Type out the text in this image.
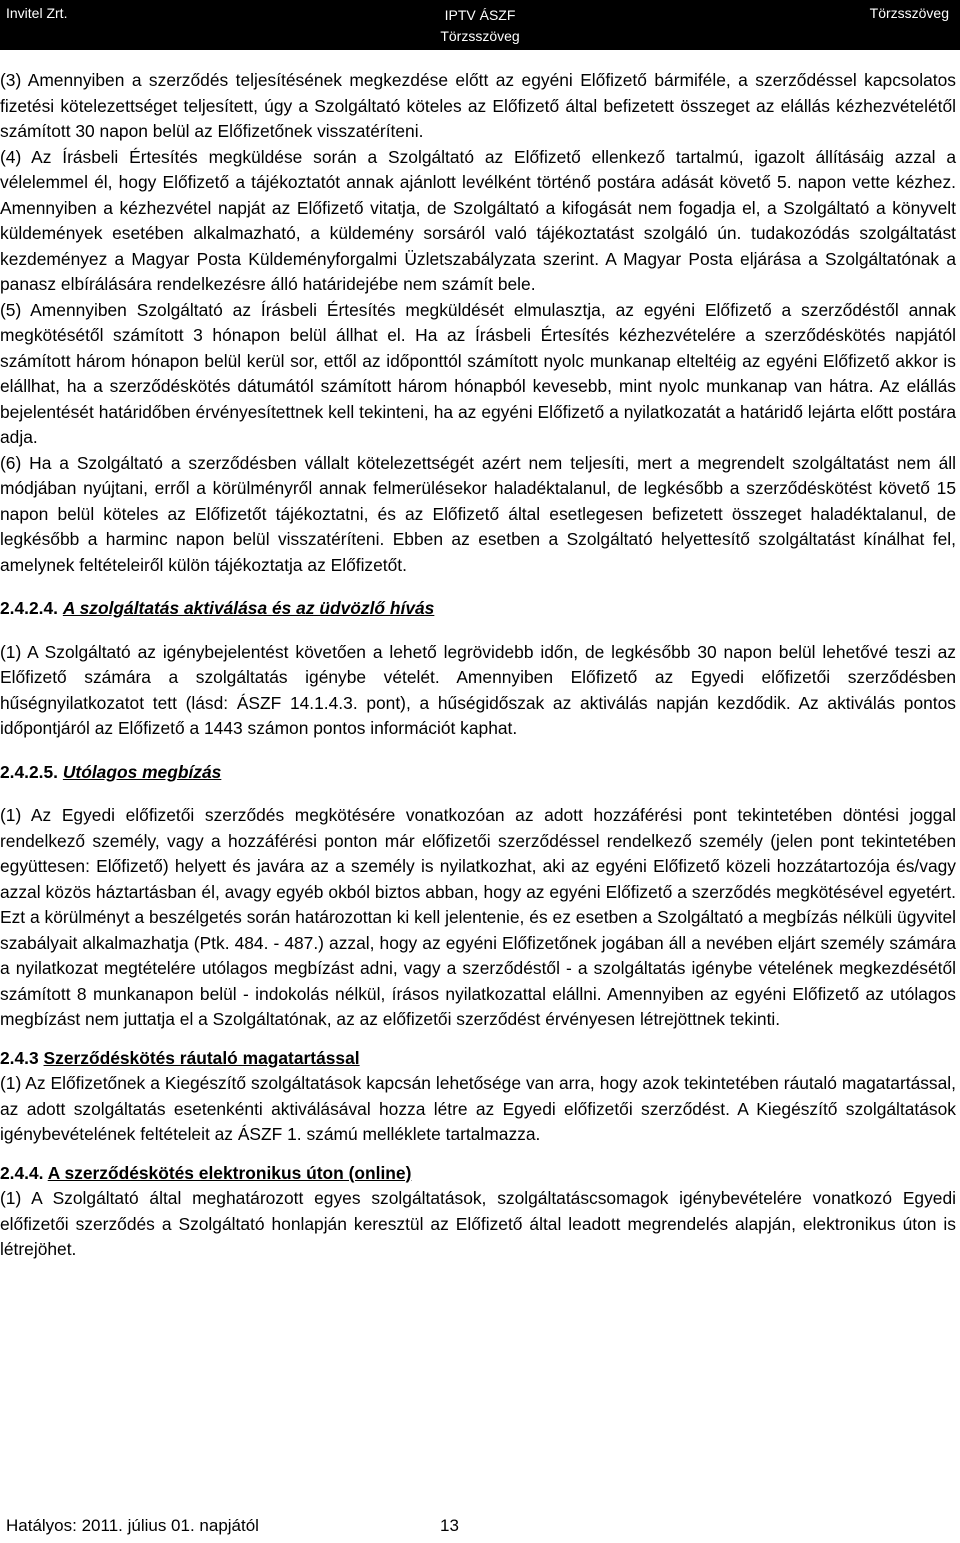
Invitel Zrt.	IPTV ÁSZF
Törzsszöveg
Törzsszöveg

(3) Amennyiben a szerződés teljesítésének megkezdése előtt az egyéni Előfizető bármiféle, a szerződéssel kapcsolatos fizetési kötelezettséget teljesített, úgy a Szolgáltató köteles az Előfizető által befizetett összeget az elállás kézhezvételétől számított 30 napon belül az Előfizetőnek visszatéríteni.

(4) Az Írásbeli Értesítés megküldése során a Szolgáltató az Előfizető ellenkező tartalmú, igazolt állításáig azzal a vélelemmel él, hogy Előfizető a tájékoztatót annak ajánlott levélként történő postára adását követő 5. napon vette kézhez. Amennyiben a kézhezvétel napját az Előfizető vitatja, de Szolgáltató a kifogását nem fogadja el, a Szolgáltató a könyvelt küldemények esetében alkalmazható, a küldemény sorsáról való tájékoztatást szolgáló ún. tudakozódás szolgáltatást kezdeményez a Magyar Posta Küldeményforgalmi Üzletszabályzata szerint. A Magyar Posta eljárása a Szolgáltatónak a panasz elbírálására rendelkezésre álló határidejébe nem számít bele.

(5) Amennyiben Szolgáltató az Írásbeli Értesítés megküldését elmulasztja, az egyéni Előfizető a szerződéstől annak megkötésétől számított 3 hónapon belül állhat el. Ha az Írásbeli Értesítés kézhezvételére a szerződéskötés napjától számított három hónapon belül kerül sor, ettől az időponttól számított nyolc munkanap elteltéig az egyéni Előfizető akkor is elállhat, ha a szerződéskötés dátumától számított három hónapból kevesebb, mint nyolc munkanap van hátra. Az elállás bejelentését határidőben érvényesítettnek kell tekinteni, ha az egyéni Előfizető a nyilatkozatát a határidő lejárta előtt postára adja.

(6) Ha a Szolgáltató a szerződésben vállalt kötelezettségét azért nem teljesíti, mert a megrendelt szolgáltatást nem áll módjában nyújtani, erről a körülményről annak felmerülésekor haladéktalanul, de legkésőbb a szerződéskötést követő 15 napon belül köteles az Előfizetőt tájékoztatni, és az Előfizető által esetlegesen befizetett összeget haladéktalanul, de legkésőbb a harminc napon belül visszatéríteni. Ebben az esetben a Szolgáltató helyettesítő szolgáltatást kínálhat fel, amelynek feltételeiről külön tájékoztatja az Előfizetőt.

2.4.2.4. A szolgáltatás aktiválása és az üdvözlő hívás

(1) A Szolgáltató az igénybejelentést követően a lehető legrövidebb időn, de legkésőbb 30 napon belül lehetővé teszi az Előfizető számára a szolgáltatás igénybe vételét. Amennyiben Előfizető az Egyedi előfizetői szerződésben hűségnyilatkozatot tett (lásd: ÁSZF 14.1.4.3. pont), a hűségidőszak az aktiválás napján kezdődik. Az aktiválás pontos időpontjáról az Előfizető a 1443 számon pontos információt kaphat.

2.4.2.5. Utólagos megbízás

(1) Az Egyedi előfizetői szerződés megkötésére vonatkozóan az adott hozzáférési pont tekintetében döntési joggal rendelkező személy, vagy a hozzáférési ponton már előfizetői szerződéssel rendelkező személy (jelen pont tekintetében együttesen: Előfizető) helyett és javára az a személy is nyilatkozhat, aki az egyéni Előfizető közeli hozzátartozója és/vagy azzal közös háztartásban él, avagy egyéb okból biztos abban, hogy az egyéni Előfizető a szerződés megkötésével egyetért. Ezt a körülményt a beszélgetés során határozottan ki kell jelentenie, és ez esetben a Szolgáltató a megbízás nélküli ügyvitel szabályait alkalmazhatja (Ptk. 484. - 487.) azzal, hogy az egyéni Előfizetőnek jogában áll a nevében eljárt személy számára a nyilatkozat megtételére utólagos megbízást adni, vagy a szerződéstől - a szolgáltatás igénybe vételének megkezdésétől számított 8 munkanapon belül - indokolás nélkül, írásos nyilatkozattal elállni. Amennyiben az egyéni Előfizető az utólagos megbízást nem juttatja el a Szolgáltatónak, az az előfizetői szerződést érvényesen létrejöttnek tekinti.

2.4.3 Szerződéskötés ráutaló magatartással

(1) Az Előfizetőnek a Kiegészítő szolgáltatások kapcsán lehetősége van arra, hogy azok tekintetében ráutaló magatartással, az adott szolgáltatás esetenkénti aktiválásával hozza létre az Egyedi előfizetői szerződést. A Kiegészítő szolgáltatások igénybevételének feltételeit az ÁSZF 1. számú melléklete tartalmazza.

2.4.4. A szerződéskötés elektronikus úton (online)

(1) A Szolgáltató által meghatározott egyes szolgáltatások, szolgáltatáscsomagok igénybevételére vonatkozó Egyedi előfizetői szerződés a Szolgáltató honlapján keresztül az Előfizető által leadott megrendelés alapján, elektronikus úton is létrejöhet.

Hatályos: 2011. július 01. napjától	13
